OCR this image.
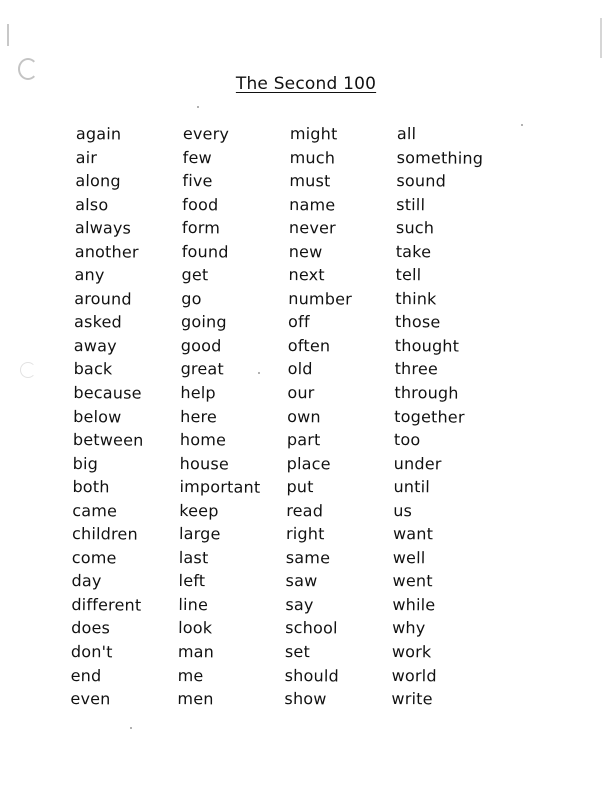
The Second 100
again
air
along
also
always
another
any
around
asked
away
back
because
below
between
big
both
came
children
come
day
different
does
don't
end
even
every
few
five
food
form
found
get
go
going
good
great
help
here
home
house
important
keep
large
last
left
line
look
man
me
men
might
much
must
name
never
new
next
number
off
often
old
our
own
part
place
put
read
right
same
saw
say
school
set
should
show
all
something
sound
still
such
take
tell
think
those
thought
three
through
together
too
under
until
us
want
well
went
while
why
work
world
write
